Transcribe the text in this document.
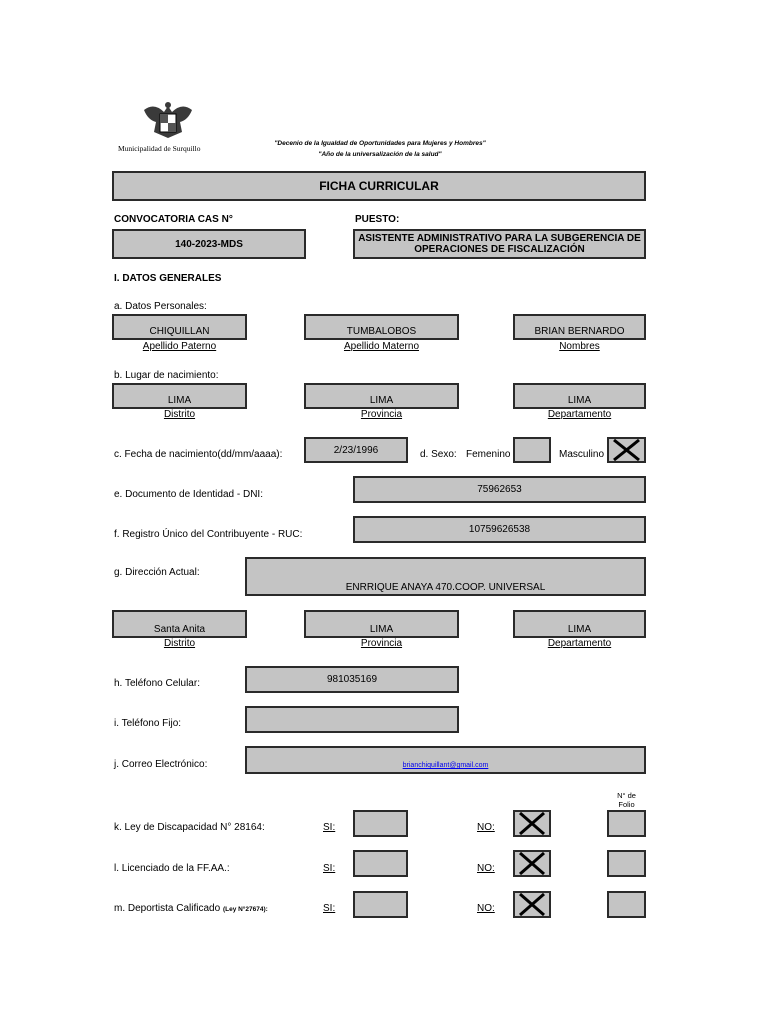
Municipalidad de Surquillo
"Decenio de la Igualdad de Oportunidades para Mujeres y Hombres"
"Año de la universalización de la salud"
FICHA CURRICULAR
CONVOCATORIA CAS N°	PUESTO:
140-2023-MDS	ASISTENTE ADMINISTRATIVO PARA LA SUBGERENCIA DE
OPERACIONES DE FISCALIZACIÓN
I. DATOS GENERALES
a. Datos Personales:
CHIQUILLAN	TUMBALOBOS	BRIAN BERNARDO
Apellido Paterno	Apellido Materno	Nombres
b. Lugar de nacimiento:
LIMA	LIMA	LIMA
Distrito	Provincia	Departamento
c. Fecha de nacimiento(dd/mm/aaaa):	2/23/1996	d. Sexo: Femenino	Masculino
e. Documento de Identidad - DNI:	75962653
f. Registro Único del Contribuyente - RUC:	10759626538
g. Dirección Actual:
ENRRIQUE ANAYA 470.COOP. UNIVERSAL
Santa Anita	LIMA	LIMA
Distrito	Provincia	Departamento
h. Teléfono Celular:	981035169
i. Teléfono Fijo:
j. Correo Electrónico:	brianchiquillant@gmail.com
N° de
Folio
k. Ley de Discapacidad N° 28164:	SI:	NO:
l. Licenciado de la FF.AA.:	SI:	NO:
m. Deportista Calificado (Ley N°27674):	SI:	NO:
